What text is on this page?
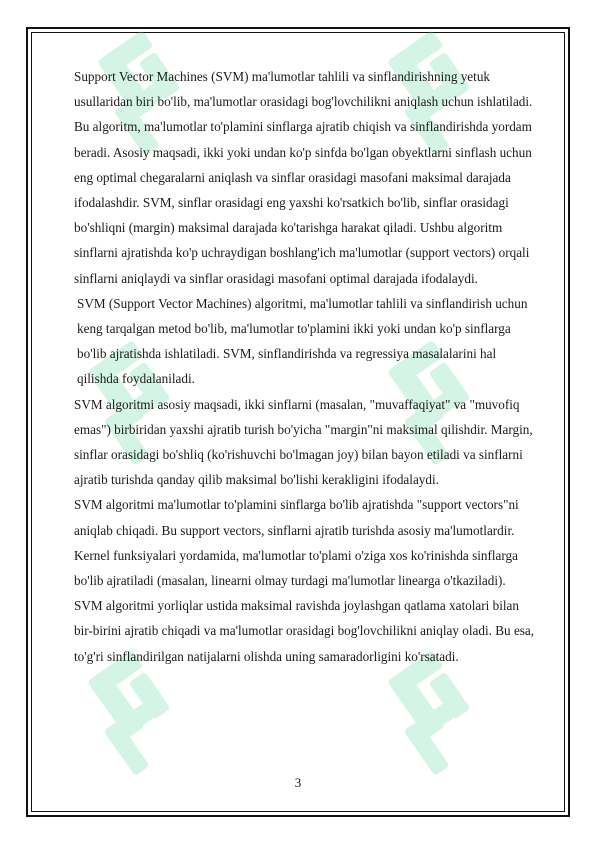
Support Vector Machines (SVM) ma'lumotlar tahlili va sinflandirishning yetuk usullaridan biri bo'lib, ma'lumotlar orasidagi bog'lovchilikni aniqlash uchun ishlatiladi. Bu algoritm, ma'lumotlar to'plamini sinflarga ajratib chiqish va sinflandirishda yordam beradi. Asosiy maqsadi, ikki yoki undan ko'p sinfda bo'lgan obyektlarni sinflash uchun eng optimal chegaralarni aniqlash va sinflar orasidagi masofani maksimal darajada ifodalashdir. SVM, sinflar orasidagi eng yaxshi ko'rsatkich bo'lib, sinflar orasidagi bo'shliqni (margin) maksimal darajada ko'tarishga harakat qiladi. Ushbu algoritm sinflarni ajratishda ko'p uchraydigan boshlang'ich ma'lumotlar (support vectors) orqali sinflarni aniqlaydi va sinflar orasidagi masofani optimal darajada ifodalaydi.

SVM (Support Vector Machines) algoritmi, ma'lumotlar tahlili va sinflandirish uchun keng tarqalgan metod bo'lib, ma'lumotlar to'plamini ikki yoki undan ko'p sinflarga bo'lib ajratishda ishlatiladi. SVM, sinflandirishda va regressiya masalalarini hal qilishda foydalaniladi.

SVM algoritmi asosiy maqsadi, ikki sinflarni (masalan, "muvaffaqiyat" va "muvofiq emas") birbiridan yaxshi ajratib turish bo'yicha "margin"ni maksimal qilishdir. Margin, sinflar orasidagi bo'shliq (ko'rishuvchi bo'lmagan joy) bilan bayon etiladi va sinflarni ajratib turishda qanday qilib maksimal bo'lishi kerakligini ifodalaydi.

SVM algoritmi ma'lumotlar to'plamini sinflarga bo'lib ajratishda "support vectors"ni aniqlab chiqadi. Bu support vectors, sinflarni ajratib turishda asosiy ma'lumotlardir. Kernel funksiyalari yordamida, ma'lumotlar to'plami o'ziga xos ko'rinishda sinflarga bo'lib ajratiladi (masalan, linearni olmay turdagi ma'lumotlar linearga o'tkaziladi). SVM algoritmi yorliqlar ustida maksimal ravishda joylashgan qatlama xatolari bilan bir-birini ajratib chiqadi va ma'lumotlar orasidagi bog'lovchilikni aniqlay oladi. Bu esa, to'g'ri sinflandirilgan natijalarni olishda uning samaradorligini ko'rsatadi.

3
